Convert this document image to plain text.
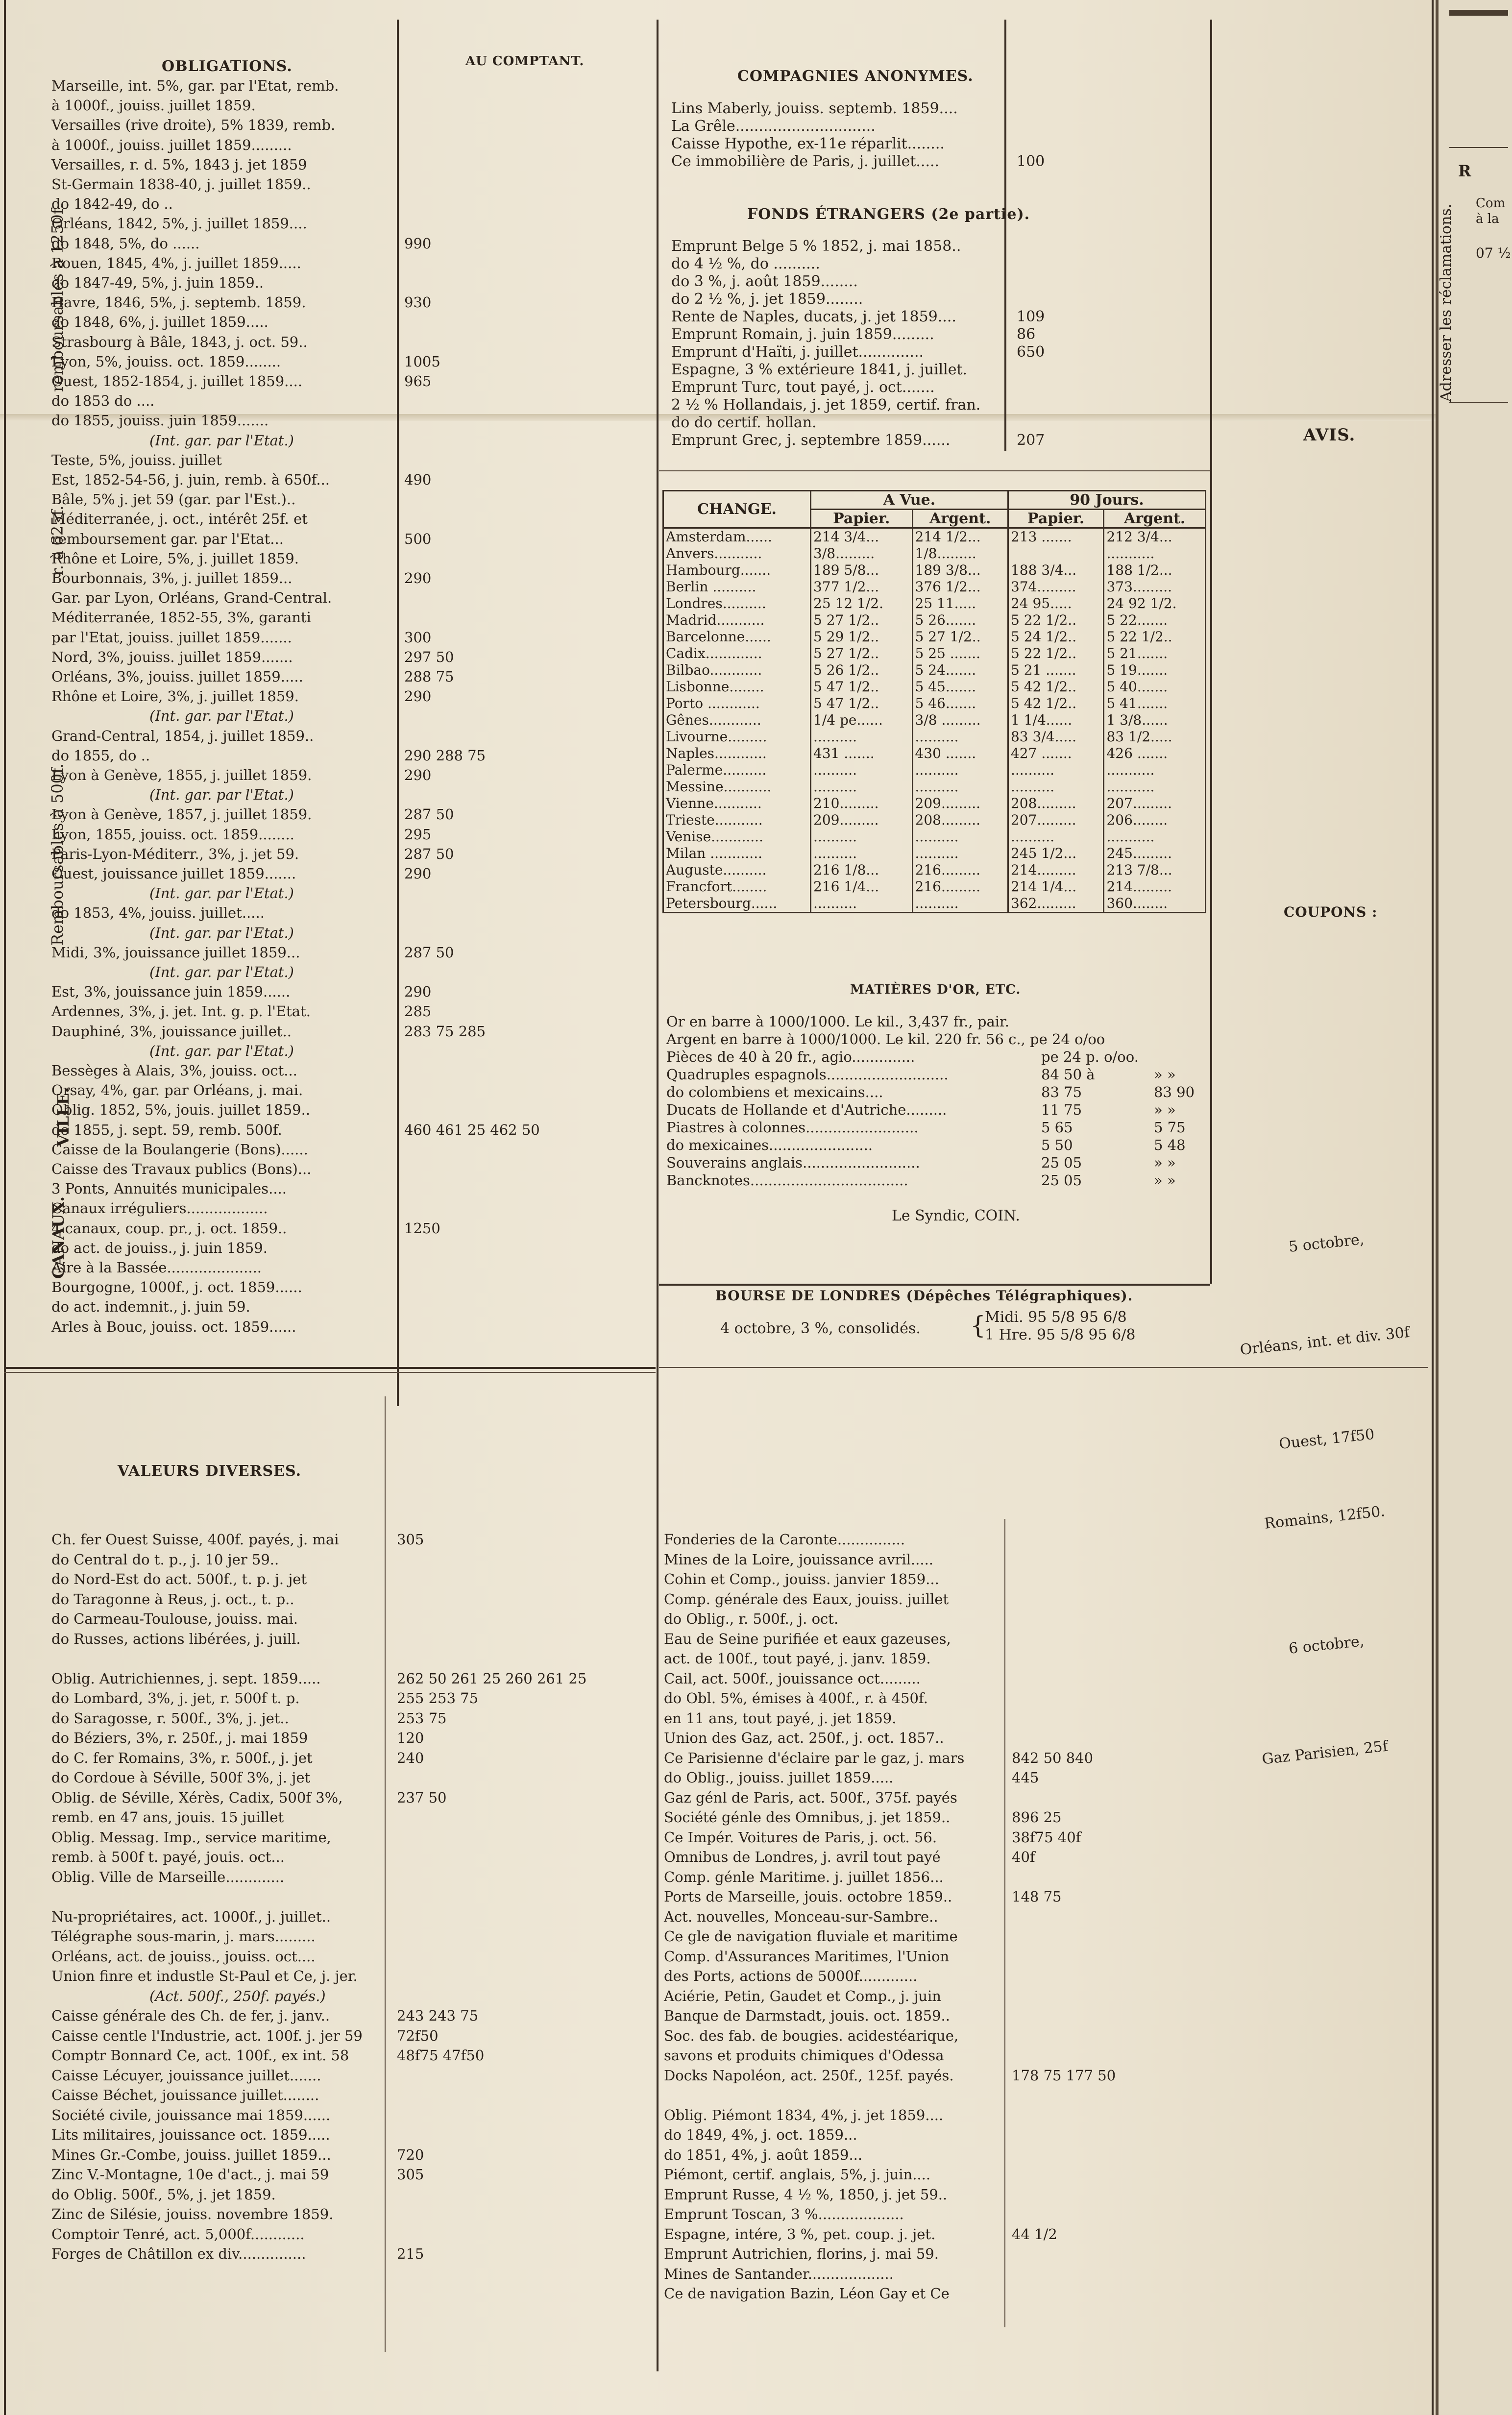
remboursables à 1250f.
r. à 625f.
Remboursables à 500f.
VILLE.
CANAUX.
OBLIGATIONS.	AU COMPTANT.
COMPAGNIES ANONYMES.
FONDS ÉTRANGERS (2e partie).
AVIS.
COUPONS :
VALEURS DIVERSES.
MATIÈRES D'OR, ETC.
BOURSE DE LONDRES (Dépêches Télégraphiques).
Marseille, int. 5%, gar. par l'Etat, remb.
à 1000f., jouiss. juillet 1859.
Versailles (rive droite), 5% 1839, remb.
à 1000f., jouiss. juillet 1859.........
Versailles, r. d. 5%, 1843 j. jet 1859
St-Germain 1838-40, j. juillet 1859..
do 1842-49, do ..
Orléans, 1842, 5%, j. juillet 1859....
do 1848, 5%, do ......	990
Rouen, 1845, 4%, j. juillet 1859.....
do 1847-49, 5%, j. juin 1859..
Havre, 1846, 5%, j. septemb. 1859.	930
do 1848, 6%, j. juillet 1859.....
Strasbourg à Bâle, 1843, j. oct. 59..
Lyon, 5%, jouiss. oct. 1859........	1005
Ouest, 1852-1854, j. juillet 1859....	965
do 1853 do ....
do 1855, jouiss. juin 1859.......
(Int. gar. par l'Etat.)
Teste, 5%, jouiss. juillet
Est, 1852-54-56, j. juin, remb. à 650f...	490
Bâle, 5% j. jet 59 (gar. par l'Est.)..
Méditerranée, j. oct., intérêt 25f. et
remboursement gar. par l'Etat...	500
Rhône et Loire, 5%, j. juillet 1859.
Bourbonnais, 3%, j. juillet 1859...	290
Gar. par Lyon, Orléans, Grand-Central.
Méditerranée, 1852-55, 3%, garanti
par l'Etat, jouiss. juillet 1859.......	300
Nord, 3%, jouiss. juillet 1859.......	297 50
Orléans, 3%, jouiss. juillet 1859.....	288 75
Rhône et Loire, 3%, j. juillet 1859.	290
(Int. gar. par l'Etat.)
Grand-Central, 1854, j. juillet 1859..
do 1855, do ..	290 288 75
Lyon à Genève, 1855, j. juillet 1859.	290
(Int. gar. par l'Etat.)
Lyon à Genève, 1857, j. juillet 1859.	287 50
Lyon, 1855, jouiss. oct. 1859........	295
Paris-Lyon-Méditerr., 3%, j. jet 59.	287 50
Ouest, jouissance juillet 1859.......	290
(Int. gar. par l'Etat.)
do 1853, 4%, jouiss. juillet.....
(Int. gar. par l'Etat.)
Midi, 3%, jouissance juillet 1859...	287 50
(Int. gar. par l'Etat.)
Est, 3%, jouissance juin 1859......	290
Ardennes, 3%, j. jet. Int. g. p. l'Etat.	285
Dauphiné, 3%, jouissance juillet..	283 75 285
(Int. gar. par l'Etat.)
Bessèges à Alais, 3%, jouiss. oct...
Orsay, 4%, gar. par Orléans, j. mai.
Oblig. 1852, 5%, jouis. juillet 1859..
do 1855, j. sept. 59, remb. 500f.	460 461 25 462 50
Caisse de la Boulangerie (Bons)......
Caisse des Travaux publics (Bons)...
3 Ponts, Annuités municipales....
Canaux irréguliers..................
4 canaux, coup. pr., j. oct. 1859..	1250
do act. de jouiss., j. juin 1859.
Aire à la Bassée.....................
Bourgogne, 1000f., j. oct. 1859......
do act. indemnit., j. juin 59.
Arles à Bouc, jouiss. oct. 1859......
Lins Maberly, jouiss. septemb. 1859....
La Grêle..............................
Caisse Hypothe, ex-11e réparlit........
Ce immobilière de Paris, j. juillet.....	100
Emprunt Belge 5 % 1852, j. mai 1858..
do 4 ½ %, do ..........
do 3 %, j. août 1859........
do 2 ½ %, j. jet 1859........
Rente de Naples, ducats, j. jet 1859....	109
Emprunt Romain, j. juin 1859.........	86
Emprunt d'Haïti, j. juillet..............	650
Espagne, 3 % extérieure 1841, j. juillet.
Emprunt Turc, tout payé, j. oct.......
2 ½ % Hollandais, j. jet 1859, certif. fran.
do do certif. hollan.
Emprunt Grec, j. septembre 1859......	207
CHANGE.	A Vue.		90 Jours.	
	Papier.	Argent.	Papier.	Argent.
Amsterdam......	214 3/4...	214 1/2...	213 .......	212 3/4...
Anvers...........	3/8.........	1/8.........		...........
Hambourg.......	189 5/8...	189 3/8...	188 3/4...	188 1/2...
Berlin ..........	377 1/2...	376 1/2...	374.........	373.........
Londres..........	25 12 1/2.	25 11.....	24 95.....	24 92 1/2.
Madrid...........	5 27 1/2..	5 26.......	5 22 1/2..	5 22.......
Barcelonne......	5 29 1/2..	5 27 1/2..	5 24 1/2..	5 22 1/2..
Cadix.............	5 27 1/2..	5 25 .......	5 22 1/2..	5 21.......
Bilbao............	5 26 1/2..	5 24.......	5 21 .......	5 19.......
Lisbonne........	5 47 1/2..	5 45.......	5 42 1/2..	5 40.......
Porto ............	5 47 1/2..	5 46.......	5 42 1/2..	5 41.......
Gênes............	1/4 pe......	3/8 .........	1 1/4......	1 3/8......
Livourne.........	..........	..........	83 3/4.....	83 1/2.....
Naples............	431 .......	430 .......	427 .......	426 .......
Palerme..........	..........	..........	..........	...........
Messine...........	..........	..........	..........	...........
Vienne...........	210.........	209.........	208.........	207.........
Trieste...........	209.........	208.........	207.........	206........
Venise............	..........	..........	..........	...........
Milan ............	..........	..........	245 1/2...	245.........
Auguste..........	216 1/8...	216.........	214.........	213 7/8...
Francfort........	216 1/4...	216.........	214 1/4...	214.........
Petersbourg......	..........	..........	362.........	360........
Or en barre à 1000/1000. Le kil., 3,437 fr., pair.
Argent en barre à 1000/1000. Le kil. 220 fr. 56 c., pe 24 o/oo
Pièces de 40 à 20 fr., agio..............	pe 24 p. o/oo.
Quadruples espagnols...........................	84 50 à	» »
do colombiens et mexicains....	83 75	83 90
Ducats de Hollande et d'Autriche.........	11 75	» »
Piastres à colonnes.........................	5 65	5 75
do mexicaines.......................	5 50	5 48
Souverains anglais..........................	25 05	» »
Bancknotes...................................	25 05	» »
Le Syndic, COIN.
4 octobre, 3 %, consolidés. {
Midi. 95 5/8 95 6/8
1 Hre. 95 5/8 95 6/8
Ch. fer Ouest Suisse, 400f. payés, j. mai	305
do Central do t. p., j. 10 jer 59..
do Nord-Est do act. 500f., t. p. j. jet
do Taragonne à Reus, j. oct., t. p..
do Carmeau-Toulouse, jouiss. mai.
do Russes, actions libérées, j. juill.
Oblig. Autrichiennes, j. sept. 1859.....	262 50 261 25 260 261 25
do Lombard, 3%, j. jet, r. 500f t. p.	255 253 75
do Saragosse, r. 500f., 3%, j. jet..	253 75
do Béziers, 3%, r. 250f., j. mai 1859	120
do C. fer Romains, 3%, r. 500f., j. jet	240
do Cordoue à Séville, 500f 3%, j. jet
Oblig. de Séville, Xérès, Cadix, 500f 3%,	237 50
remb. en 47 ans, jouis. 15 juillet
Oblig. Messag. Imp., service maritime,
remb. à 500f t. payé, jouis. oct...
Oblig. Ville de Marseille.............
Nu-propriétaires, act. 1000f., j. juillet..
Télégraphe sous-marin, j. mars.........
Orléans, act. de jouiss., jouiss. oct....
Union finre et industle St-Paul et Ce, j. jer.
(Act. 500f., 250f. payés.)
Caisse générale des Ch. de fer, j. janv..	243 243 75
Caisse centle l'Industrie, act. 100f. j. jer 59 72f50
Comptr Bonnard Ce, act. 100f., ex int. 58	48f75 47f50
Caisse Lécuyer, jouissance juillet.......
Caisse Béchet, jouissance juillet........
Société civile, jouissance mai 1859......
Lits militaires, jouissance oct. 1859.....
Mines Gr.-Combe, jouiss. juillet 1859...	720
Zinc V.-Montagne, 10e d'act., j. mai 59	305
do Oblig. 500f., 5%, j. jet 1859.
Zinc de Silésie, jouiss. novembre 1859.
Comptoir Tenré, act. 5,000f............
Forges de Châtillon ex div...............	215
Fonderies de la Caronte...............
Mines de la Loire, jouissance avril.....
Cohin et Comp., jouiss. janvier 1859...
Comp. générale des Eaux, jouiss. juillet
do Oblig., r. 500f., j. oct.
Eau de Seine purifiée et eaux gazeuses,
act. de 100f., tout payé, j. janv. 1859.
Cail, act. 500f., jouissance oct.........
do Obl. 5%, émises à 400f., r. à 450f.
en 11 ans, tout payé, j. jet 1859.
Union des Gaz, act. 250f., j. oct. 1857..
Ce Parisienne d'éclaire par le gaz, j. mars	842 50 840
do Oblig., jouiss. juillet 1859.....	445
Gaz génl de Paris, act. 500f., 375f. payés
Société génle des Omnibus, j. jet 1859..	896 25
Ce Impér. Voitures de Paris, j. oct. 56.	38f75 40f
Omnibus de Londres, j. avril tout payé	40f
Comp. génle Maritime. j. juillet 1856...
Ports de Marseille, jouis. octobre 1859..	148 75
Act. nouvelles, Monceau-sur-Sambre..
Ce gle de navigation fluviale et maritime
Comp. d'Assurances Maritimes, l'Union
des Ports, actions de 5000f.............
Aciérie, Petin, Gaudet et Comp., j. juin
Banque de Darmstadt, jouis. oct. 1859..
Soc. des fab. de bougies. acidestéarique,
savons et produits chimiques d'Odessa
Docks Napoléon, act. 250f., 125f. payés.	178 75 177 50
Oblig. Piémont 1834, 4%, j. jet 1859....
do 1849, 4%, j. oct. 1859...
do 1851, 4%, j. août 1859...
Piémont, certif. anglais, 5%, j. juin....
Emprunt Russe, 4 ½ %, 1850, j. jet 59..
Emprunt Toscan, 3 %...................
Espagne, intére, 3 %, pet. coup. j. jet.	44 1/2
Emprunt Autrichien, florins, j. mai 59.
Mines de Santander...................
Ce de navigation Bazin, Léon Gay et Ce
5 octobre,
Orléans, int. et div. 30f
Ouest, 17f50
Romains, 12f50.
6 octobre,
Gaz Parisien, 25f
R
Com
à la
07 ½
Adresser les réclamations.
